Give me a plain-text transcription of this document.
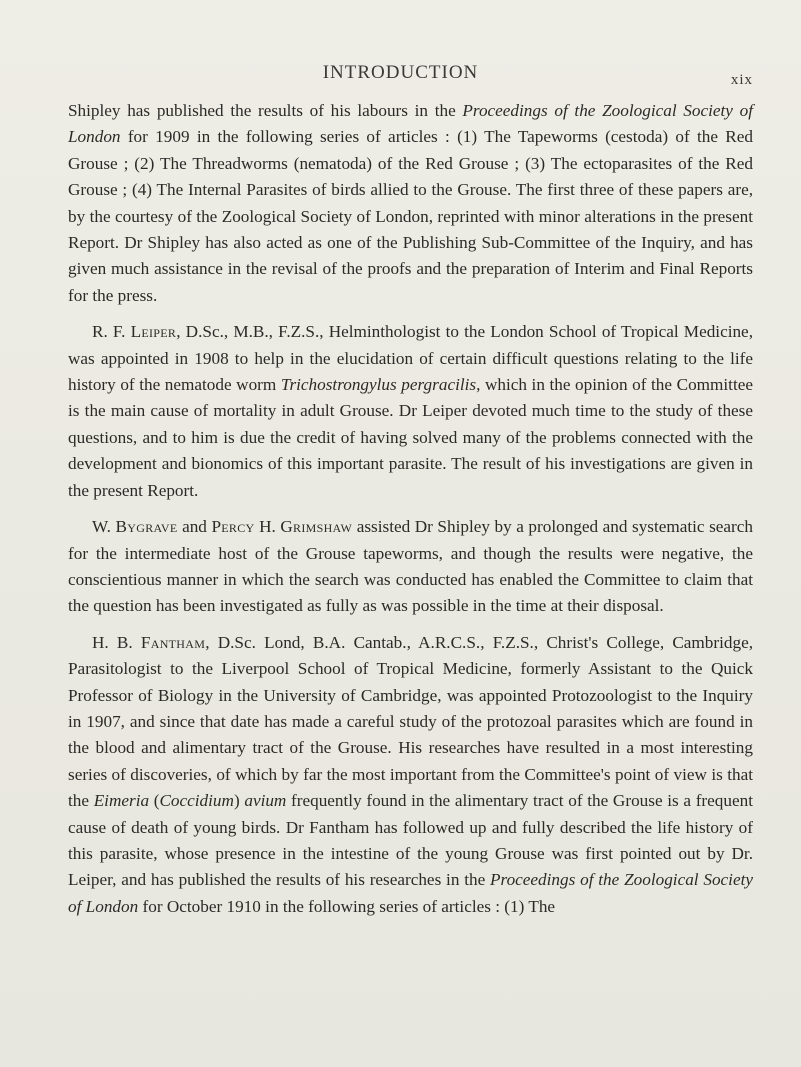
INTRODUCTION	xix

Shipley has published the results of his labours in the Proceedings of the Zoological Society of London for 1909 in the following series of articles : (1) The Tapeworms (cestoda) of the Red Grouse ; (2) The Threadworms (nematoda) of the Red Grouse ; (3) The ectoparasites of the Red Grouse ; (4) The Internal Parasites of birds allied to the Grouse. The first three of these papers are, by the courtesy of the Zoological Society of London, reprinted with minor alterations in the present Report. Dr Shipley has also acted as one of the Publishing Sub-Committee of the Inquiry, and has given much assistance in the revisal of the proofs and the preparation of Interim and Final Reports for the press.

R. F. Leiper, D.Sc., M.B., F.Z.S., Helminthologist to the London School of Tropical Medicine, was appointed in 1908 to help in the elucidation of certain difficult questions relating to the life history of the nematode worm Trichostrongylus pergracilis, which in the opinion of the Committee is the main cause of mortality in adult Grouse. Dr Leiper devoted much time to the study of these questions, and to him is due the credit of having solved many of the problems connected with the development and bionomics of this important parasite. The result of his investigations are given in the present Report.

W. Bygrave and Percy H. Grimshaw assisted Dr Shipley by a prolonged and systematic search for the intermediate host of the Grouse tapeworms, and though the results were negative, the conscientious manner in which the search was conducted has enabled the Committee to claim that the question has been investigated as fully as was possible in the time at their disposal.

H. B. Fantham, D.Sc. Lond, B.A. Cantab., A.R.C.S., F.Z.S., Christ's College, Cambridge, Parasitologist to the Liverpool School of Tropical Medicine, formerly Assistant to the Quick Professor of Biology in the University of Cambridge, was appointed Protozoologist to the Inquiry in 1907, and since that date has made a careful study of the protozoal parasites which are found in the blood and alimentary tract of the Grouse. His researches have resulted in a most interesting series of discoveries, of which by far the most important from the Committee's point of view is that the Eimeria (Coccidium) avium frequently found in the alimentary tract of the Grouse is a frequent cause of death of young birds. Dr Fantham has followed up and fully described the life history of this parasite, whose presence in the intestine of the young Grouse was first pointed out by Dr. Leiper, and has published the results of his researches in the Proceedings of the Zoological Society of London for October 1910 in the following series of articles : (1) The
